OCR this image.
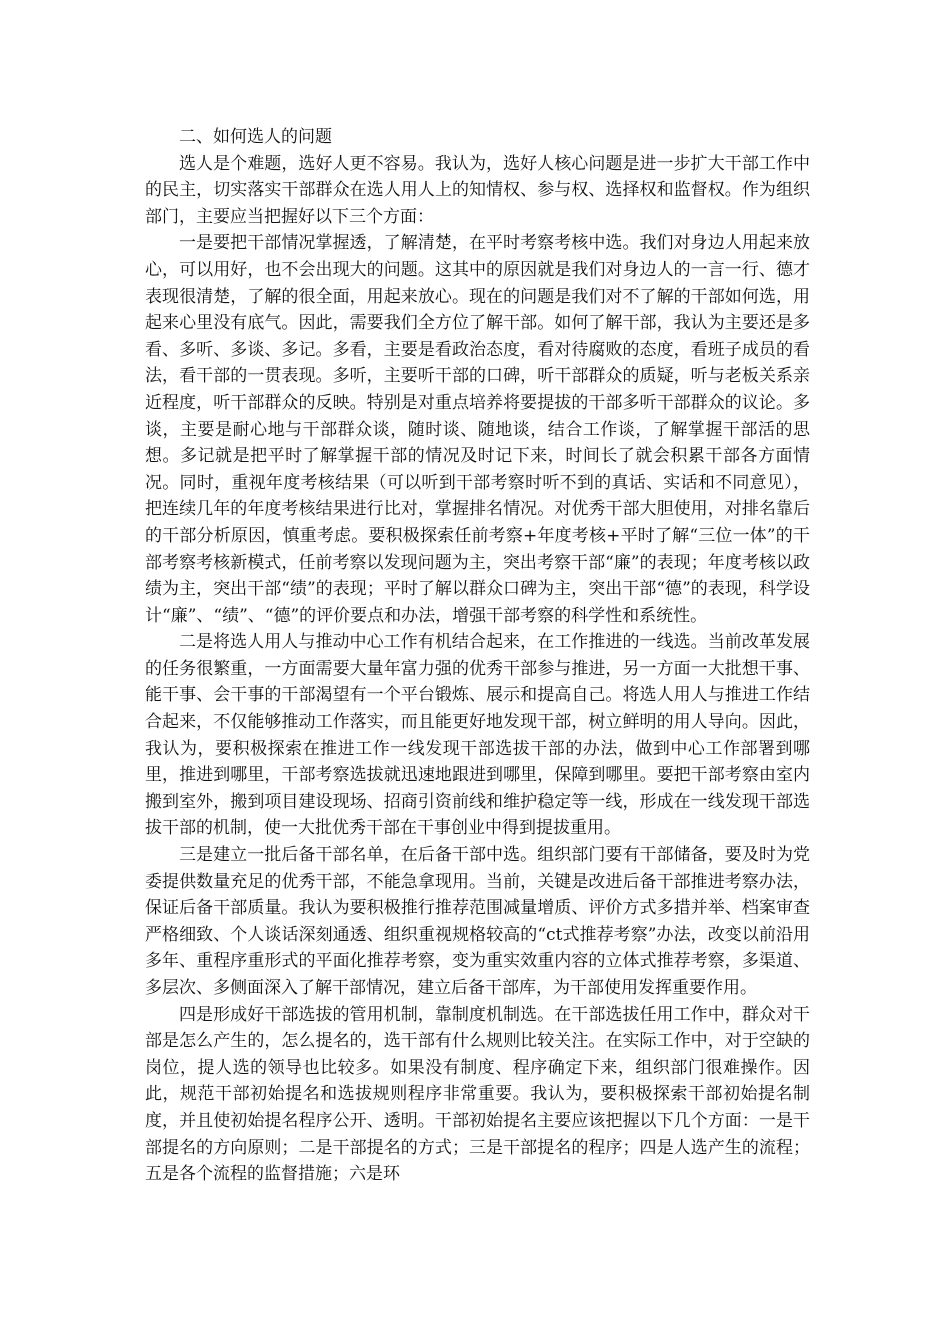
二、如何选人的问题

选人是个难题，选好人更不容易。我认为，选好人核心问题是进一步扩大干部工作中的民主，切实落实干部群众在选人用人上的知情权、参与权、选择权和监督权。作为组织部门，主要应当把握好以下三个方面：

一是要把干部情况掌握透，了解清楚，在平时考察考核中选。我们对身边人用起来放心，可以用好，也不会出现大的问题。这其中的原因就是我们对身边人的一言一行、德才表现很清楚，了解的很全面，用起来放心。现在的问题是我们对不了解的干部如何选，用起来心里没有底气。因此，需要我们全方位了解干部。如何了解干部，我认为主要还是多看、多听、多谈、多记。多看，主要是看政治态度，看对待腐败的态度，看班子成员的看法，看干部的一贯表现。多听，主要听干部的口碑，听干部群众的质疑，听与老板关系亲近程度，听干部群众的反映。特别是对重点培养将要提拔的干部多听干部群众的议论。多谈，主要是耐心地与干部群众谈，随时谈、随地谈，结合工作谈，了解掌握干部活的思想。多记就是把平时了解掌握干部的情况及时记下来，时间长了就会积累干部各方面情况。同时，重视年度考核结果（可以听到干部考察时听不到的真话、实话和不同意见），把连续几年的年度考核结果进行比对，掌握排名情况。对优秀干部大胆使用，对排名靠后的干部分析原因，慎重考虑。要积极探索任前考察+年度考核+平时了解“三位一体”的干部考察考核新模式，任前考察以发现问题为主，突出考察干部“廉”的表现；年度考核以政绩为主，突出干部“绩”的表现；平时了解以群众口碑为主，突出干部“德”的表现，科学设计“廉”、“绩”、“德”的评价要点和办法，增强干部考察的科学性和系统性。

二是将选人用人与推动中心工作有机结合起来，在工作推进的一线选。当前改革发展的任务很繁重，一方面需要大量年富力强的优秀干部参与推进，另一方面一大批想干事、能干事、会干事的干部渴望有一个平台锻炼、展示和提高自己。将选人用人与推进工作结合起来，不仅能够推动工作落实，而且能更好地发现干部，树立鲜明的用人导向。因此，我认为，要积极探索在推进工作一线发现干部选拔干部的办法，做到中心工作部署到哪里，推进到哪里，干部考察选拔就迅速地跟进到哪里，保障到哪里。要把干部考察由室内搬到室外，搬到项目建设现场、招商引资前线和维护稳定等一线，形成在一线发现干部选拔干部的机制，使一大批优秀干部在干事创业中得到提拔重用。

三是建立一批后备干部名单，在后备干部中选。组织部门要有干部储备，要及时为党委提供数量充足的优秀干部，不能急拿现用。当前，关键是改进后备干部推进考察办法，保证后备干部质量。我认为要积极推行推荐范围减量增质、评价方式多措并举、档案审查严格细致、个人谈话深刻通透、组织重视规格较高的“ct式推荐考察”办法，改变以前沿用多年、重程序重形式的平面化推荐考察，变为重实效重内容的立体式推荐考察，多渠道、多层次、多侧面深入了解干部情况，建立后备干部库，为干部使用发挥重要作用。

四是形成好干部选拔的管用机制，靠制度机制选。在干部选拔任用工作中，群众对干部是怎么产生的，怎么提名的，选干部有什么规则比较关注。在实际工作中，对于空缺的岗位，提人选的领导也比较多。如果没有制度、程序确定下来，组织部门很难操作。因此，规范干部初始提名和选拔规则程序非常重要。我认为，要积极探索干部初始提名制度，并且使初始提名程序公开、透明。干部初始提名主要应该把握以下几个方面：一是干部提名的方向原则；二是干部提名的方式；三是干部提名的程序；四是人选产生的流程；五是各个流程的监督措施；六是环
